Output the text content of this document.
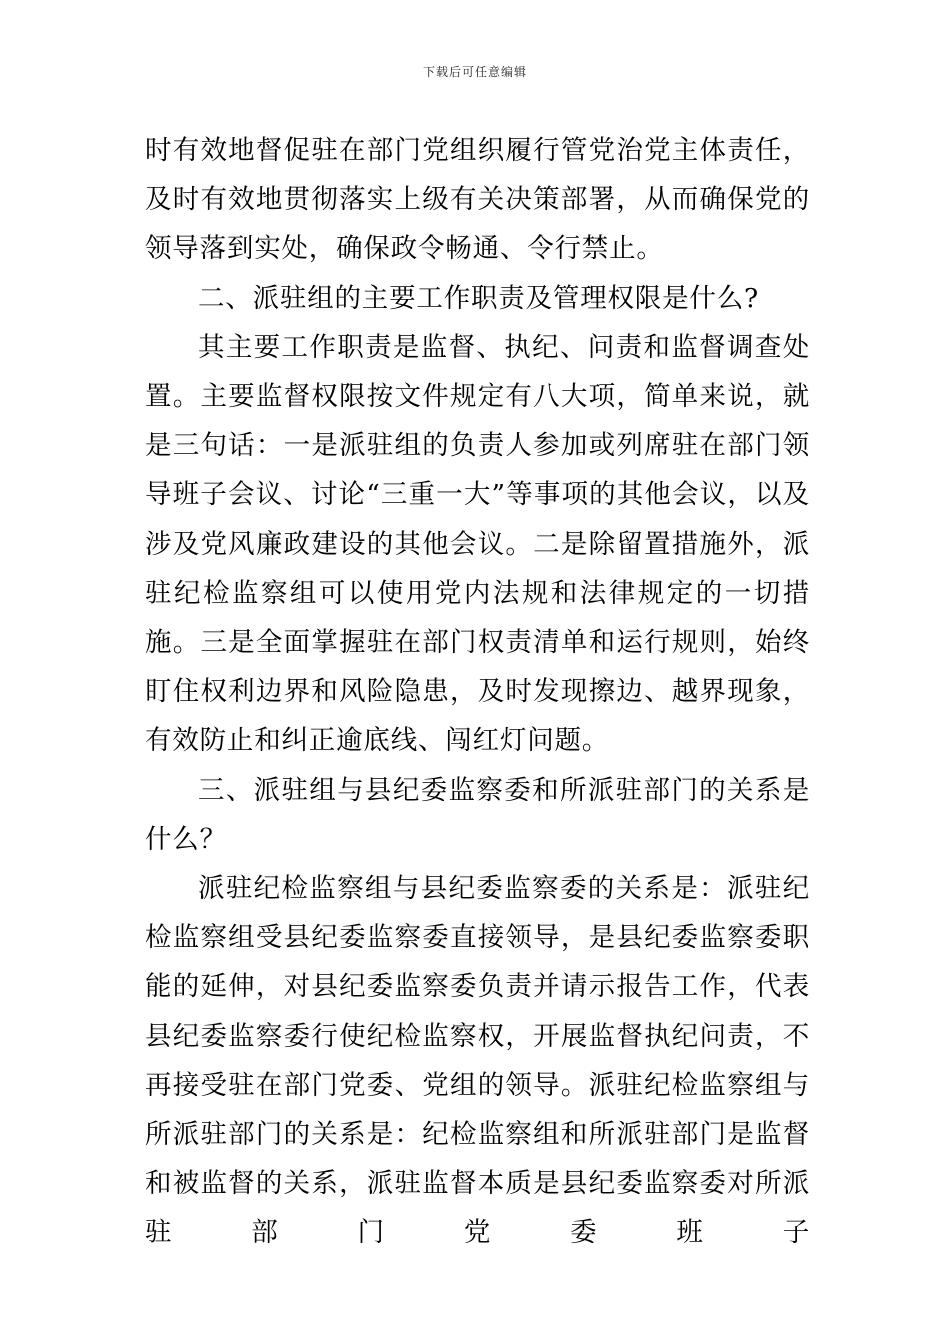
下载后可任意编辑

时有效地督促驻在部门党组织履行管党治党主体责任，及时有效地贯彻落实上级有关决策部署，从而确保党的领导落到实处，确保政令畅通、令行禁止。

二、派驻组的主要工作职责及管理权限是什么?

其主要工作职责是监督、执纪、问责和监督调查处置。主要监督权限按文件规定有八大项，简单来说，就是三句话：一是派驻组的负责人参加或列席驻在部门领导班子会议、讨论“三重一大”等事项的其他会议，以及涉及党风廉政建设的其他会议。二是除留置措施外，派驻纪检监察组可以使用党内法规和法律规定的一切措施。三是全面掌握驻在部门权责清单和运行规则，始终盯住权利边界和风险隐患，及时发现擦边、越界现象，有效防止和纠正逾底线、闯红灯问题。

三、派驻组与县纪委监察委和所派驻部门的关系是什么？

派驻纪检监察组与县纪委监察委的关系是：派驻纪检监察组受县纪委监察委直接领导，是县纪委监察委职能的延伸，对县纪委监察委负责并请示报告工作，代表县纪委监察委行使纪检监察权，开展监督执纪问责，不再接受驻在部门党委、党组的领导。派驻纪检监察组与所派驻部门的关系是：纪检监察组和所派驻部门是监督和被监督的关系，派驻监督本质是县纪委监察委对所派驻部门党委班子
